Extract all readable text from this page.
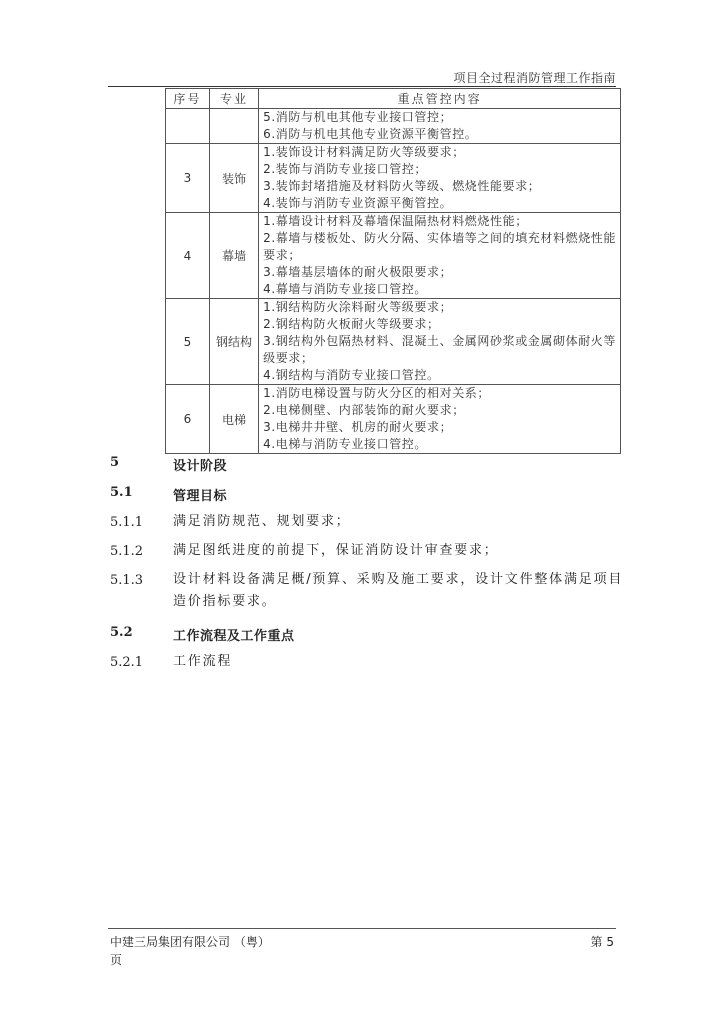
项目全过程消防管理工作指南
序号	专业	重点管控内容

		5.消防与机电其他专业接口管控；
6.消防与机电其他专业资源平衡管控。

3	装饰	1.装饰设计材料满足防火等级要求；
2.装饰与消防专业接口管控；
3.装饰封堵措施及材料防火等级、燃烧性能要求；
4.装饰与消防专业资源平衡管控。

4	幕墙	1.幕墙设计材料及幕墙保温隔热材料燃烧性能；
2.幕墙与楼板处、防火分隔、实体墙等之间的填充材料燃烧性能
要求；
3.幕墙基层墙体的耐火极限要求；
4.幕墙与消防专业接口管控。

5	钢结构	1.钢结构防火涂料耐火等级要求；
2.钢结构防火板耐火等级要求；
3.钢结构外包隔热材料、混凝土、金属网砂浆或金属砌体耐火等
级要求；
4.钢结构与消防专业接口管控。

6	电梯	1.消防电梯设置与防火分区的相对关系；
2.电梯侧壁、内部装饰的耐火要求；
3.电梯井井壁、机房的耐火要求；
4.电梯与消防专业接口管控。
5	设计阶段
5.1	管理目标
5.1.1 满足消防规范、规划要求；
5.1.2 满足图纸进度的前提下，保证消防设计审查要求；
5.1.3 设计材料设备满足概/预算、采购及施工要求，设计文件整体满足项目
造价指标要求。
5.2	工作流程及工作重点
5.2.1 工作流程
中建三局集团有限公司 （粤）
页
第 5
